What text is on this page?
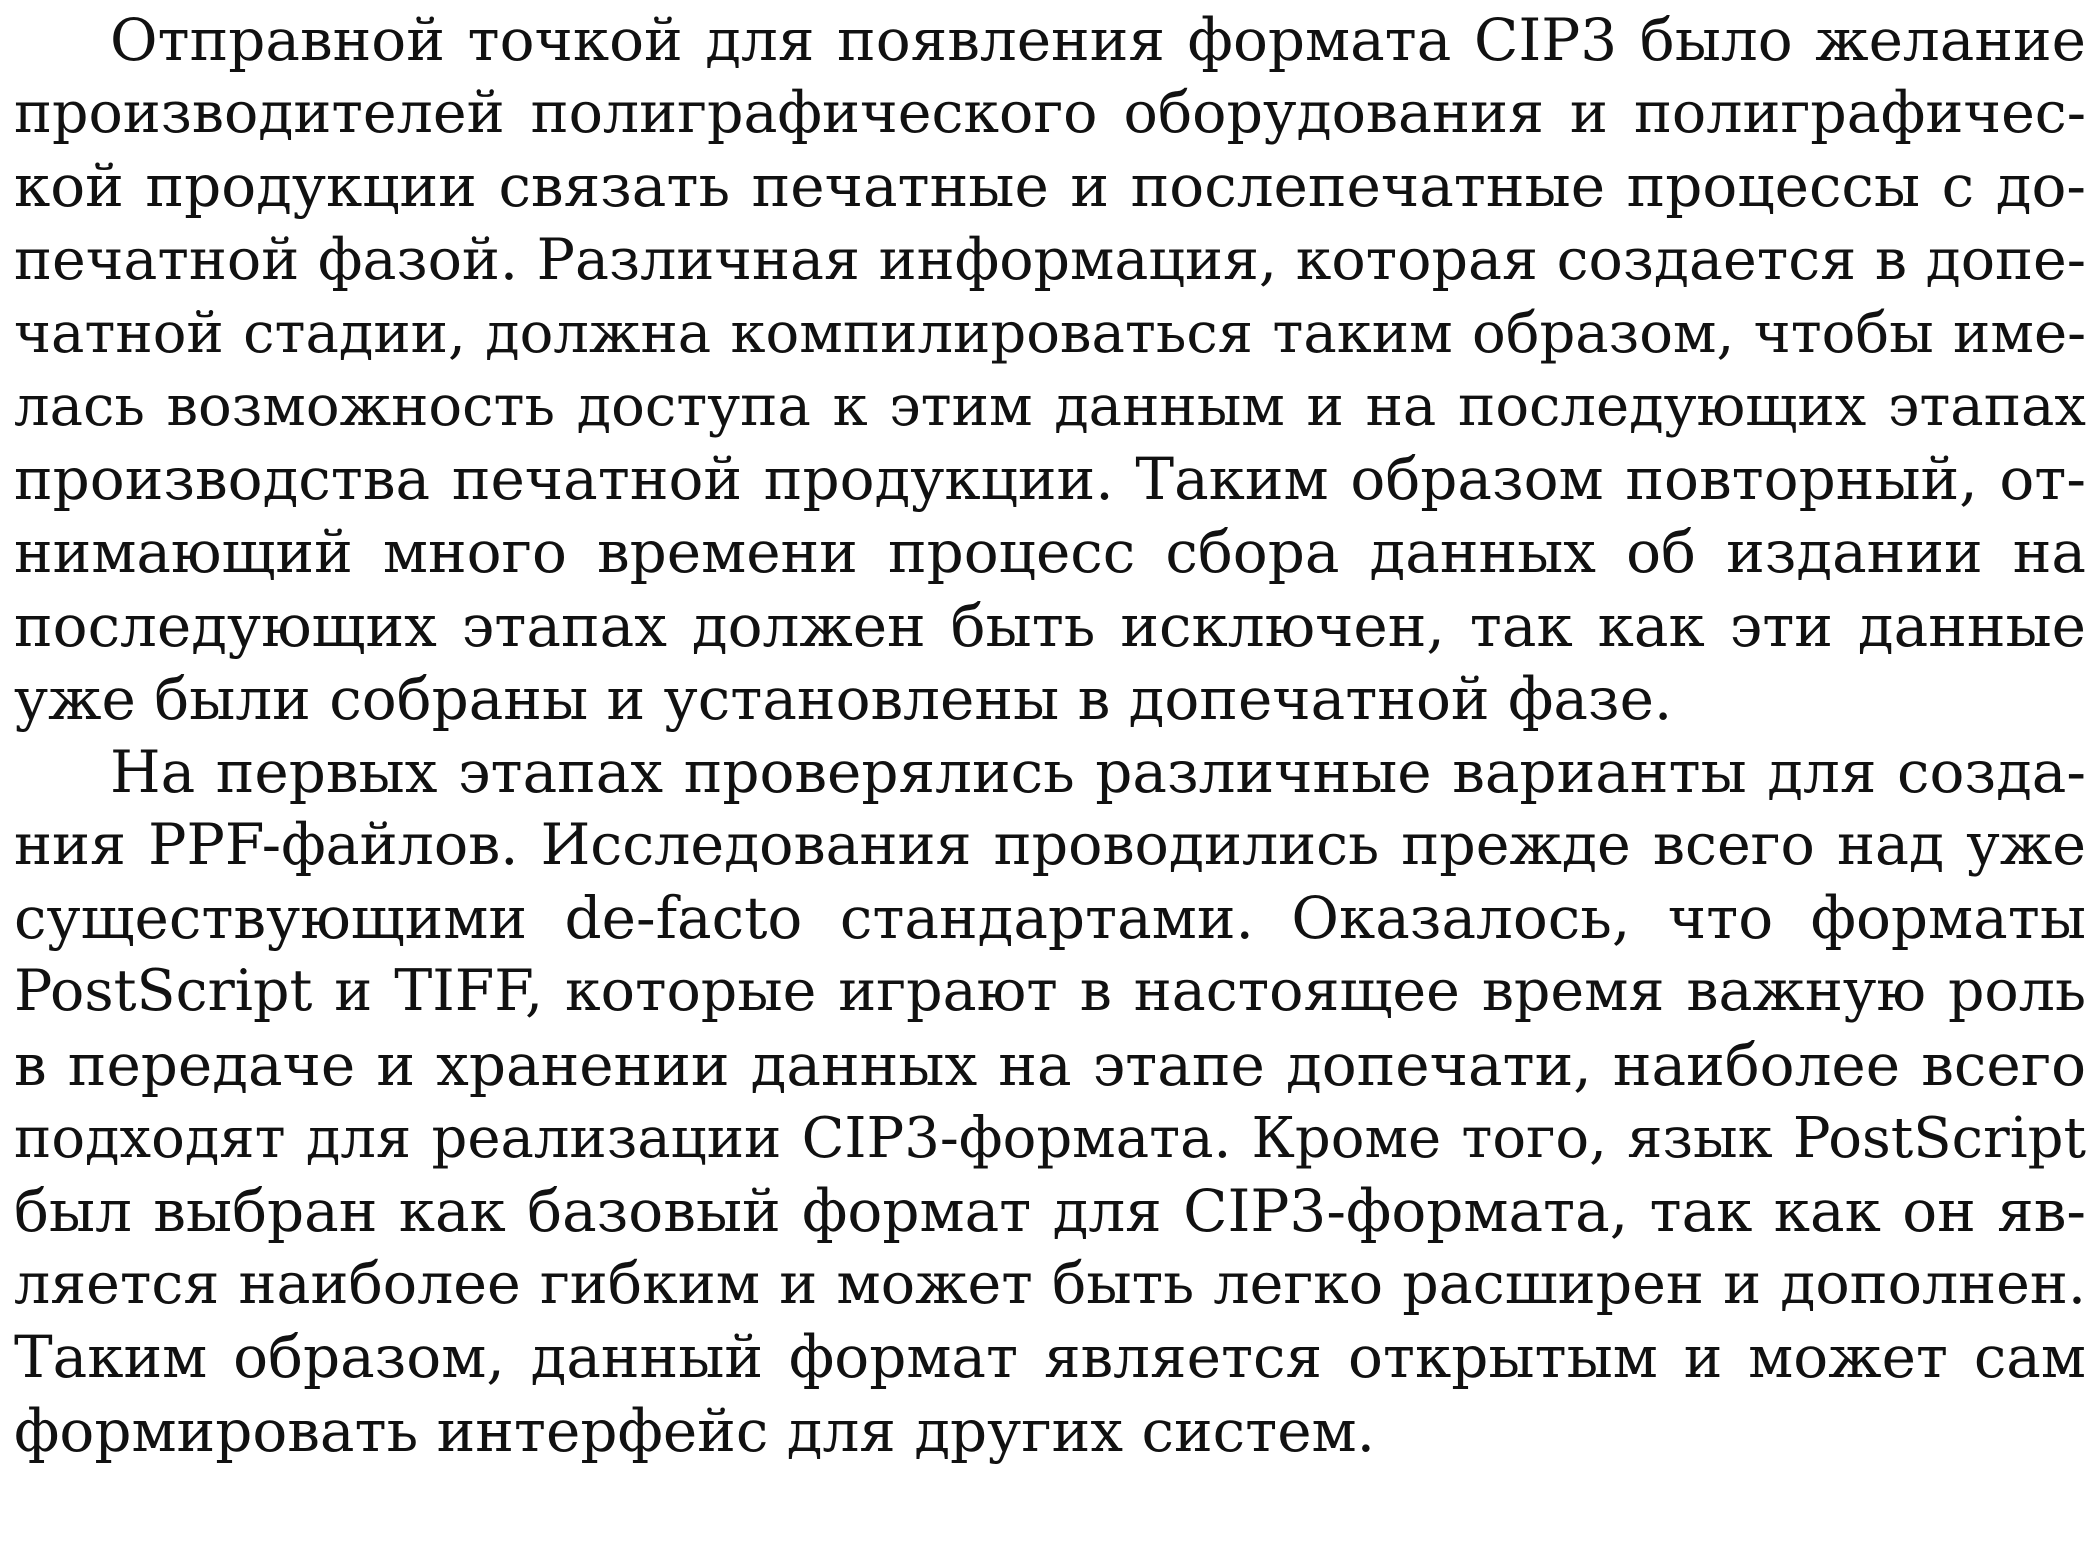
Отправной точкой для появления формата CIP3 было желание
производителей полиграфического оборудования и полиграфичес-
кой продукции связать печатные и послепечатные процессы с до-
печатной фазой. Различная информация, которая создается в допе-
чатной стадии, должна компилироваться таким образом, чтобы име-
лась возможность доступа к этим данным и на последующих этапах
производства печатной продукции. Таким образом повторный, от-
нимающий много времени процесс сбора данных об издании на
последующих этапах должен быть исключен, так как эти данные
уже были собраны и установлены в допечатной фазе.
На первых этапах проверялись различные варианты для созда-
ния PPF-файлов. Исследования проводились прежде всего над уже
существующими de-facto стандартами. Оказалось, что форматы
PostScript и TIFF, которые играют в настоящее время важную роль
в передаче и хранении данных на этапе допечати, наиболее всего
подходят для реализации CIP3-формата. Кроме того, язык PostScript
был выбран как базовый формат для CIP3-формата, так как он яв-
ляется наиболее гибким и может быть легко расширен и дополнен.
Таким образом, данный формат является открытым и может сам
формировать интерфейс для других систем.
